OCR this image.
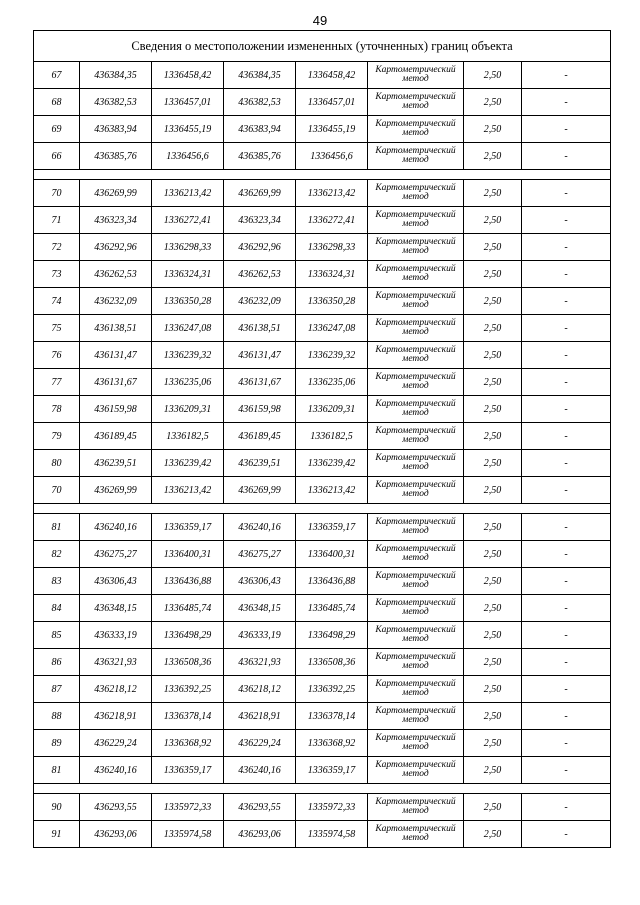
49
Сведения о местоположении измененных (уточненных) границ объекта							
67	436384,35	1336458,42	436384,35	1336458,42	Картометрический
метод	2,50	-
68	436382,53	1336457,01	436382,53	1336457,01	Картометрический
метод	2,50	-
69	436383,94	1336455,19	436383,94	1336455,19	Картометрический
метод	2,50	-
66	436385,76	1336456,6	436385,76	1336456,6	Картометрический
метод	2,50	-

70	436269,99	1336213,42	436269,99	1336213,42	Картометрический
метод	2,50	-
71	436323,34	1336272,41	436323,34	1336272,41	Картометрический
метод	2,50	-
72	436292,96	1336298,33	436292,96	1336298,33	Картометрический
метод	2,50	-
73	436262,53	1336324,31	436262,53	1336324,31	Картометрический
метод	2,50	-
74	436232,09	1336350,28	436232,09	1336350,28	Картометрический
метод	2,50	-
75	436138,51	1336247,08	436138,51	1336247,08	Картометрический
метод	2,50	-
76	436131,47	1336239,32	436131,47	1336239,32	Картометрический
метод	2,50	-
77	436131,67	1336235,06	436131,67	1336235,06	Картометрический
метод	2,50	-
78	436159,98	1336209,31	436159,98	1336209,31	Картометрический
метод	2,50	-
79	436189,45	1336182,5	436189,45	1336182,5	Картометрический
метод	2,50	-
80	436239,51	1336239,42	436239,51	1336239,42	Картометрический
метод	2,50	-
70	436269,99	1336213,42	436269,99	1336213,42	Картометрический
метод	2,50	-

81	436240,16	1336359,17	436240,16	1336359,17	Картометрический
метод	2,50	-
82	436275,27	1336400,31	436275,27	1336400,31	Картометрический
метод	2,50	-
83	436306,43	1336436,88	436306,43	1336436,88	Картометрический
метод	2,50	-
84	436348,15	1336485,74	436348,15	1336485,74	Картометрический
метод	2,50	-
85	436333,19	1336498,29	436333,19	1336498,29	Картометрический
метод	2,50	-
86	436321,93	1336508,36	436321,93	1336508,36	Картометрический
метод	2,50	-
87	436218,12	1336392,25	436218,12	1336392,25	Картометрический
метод	2,50	-
88	436218,91	1336378,14	436218,91	1336378,14	Картометрический
метод	2,50	-
89	436229,24	1336368,92	436229,24	1336368,92	Картометрический
метод	2,50	-
81	436240,16	1336359,17	436240,16	1336359,17	Картометрический
метод	2,50	-

90	436293,55	1335972,33	436293,55	1335972,33	Картометрический
метод	2,50	-
91	436293,06	1335974,58	436293,06	1335974,58	Картометрический
метод	2,50	-
